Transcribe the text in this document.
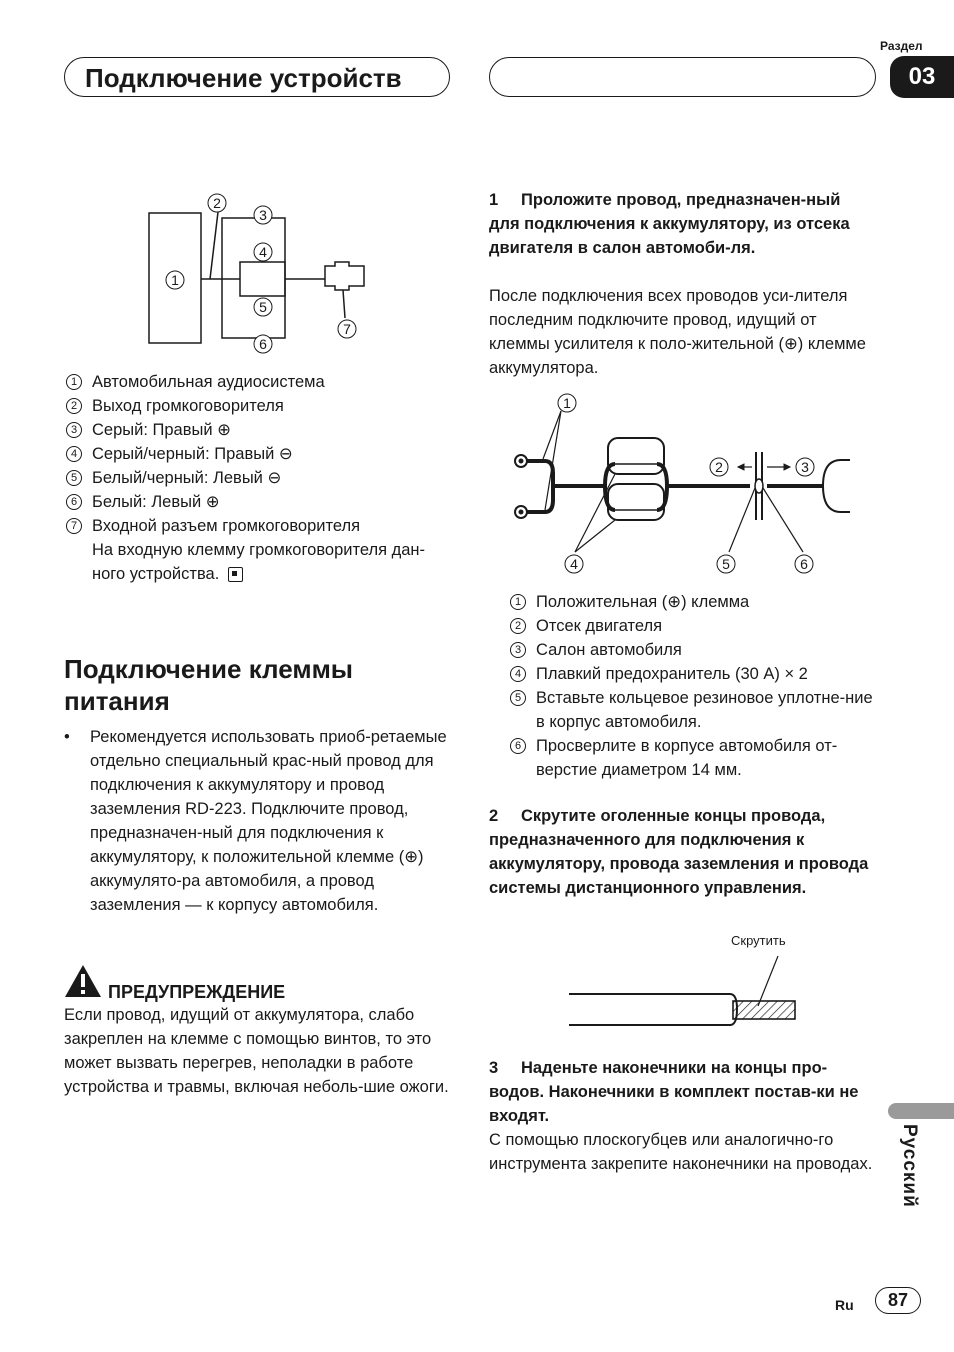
Подключение устройств
Раздел
03
1
2
3
4
5
6
7
1 Автомобильная аудиосистема
2 Выход громкоговорителя
3 Серый: Правый ⊕
4 Серый/черный: Правый ⊖
5 Белый/черный: Левый ⊖
6 Белый: Левый ⊕
7 Входной разъем громкоговорителя
На входную клемму громкоговорителя дан-ного устройства.
Подключение клеммы
питания
•	Рекомендуется использовать приоб-ретаемые отдельно специальный крас-ный провод для подключения к аккумулятору и провод заземления RD-223. Подключите провод, предназначен-ный для подключения к аккумулятору, к положительной клемме (⊕) аккумулято-ра автомобиля, а провод заземления — к корпусу автомобиля.
ПРЕДУПРЕЖДЕНИЕ
Если провод, идущий от аккумулятора, слабо закреплен на клемме с помощью винтов, то это может вызвать перегрев, неполадки в работе устройства и травмы, включая неболь-шие ожоги.
1 Проложите провод, предназначен-ный для подключения к аккумулятору, из отсека двигателя в салон автомоби-ля.
После подключения всех проводов уси-лителя последним подключите провод, идущий от клеммы усилителя к поло-жительной (⊕) клемме аккумулятора.
1
2	3
4	5	6
1 Положительная (⊕) клемма
2 Отсек двигателя
3 Салон автомобиля
4 Плавкий предохранитель (30 А) × 2
5 Вставьте кольцевое резиновое уплотне-ние в корпус автомобиля.
6 Просверлите в корпусе автомобиля от-верстие диаметром 14 мм.
2 Скрутите оголенные концы провода, предназначенного для подключения к аккумулятору, провода заземления и провода системы дистанционного управления.
Скрутить
3 Наденьте наконечники на концы про-водов. Наконечники в комплект постав-ки не входят.
С помощью плоскогубцев или аналогично-го инструмента закрепите наконечники на проводах. Русский
Ru	87
